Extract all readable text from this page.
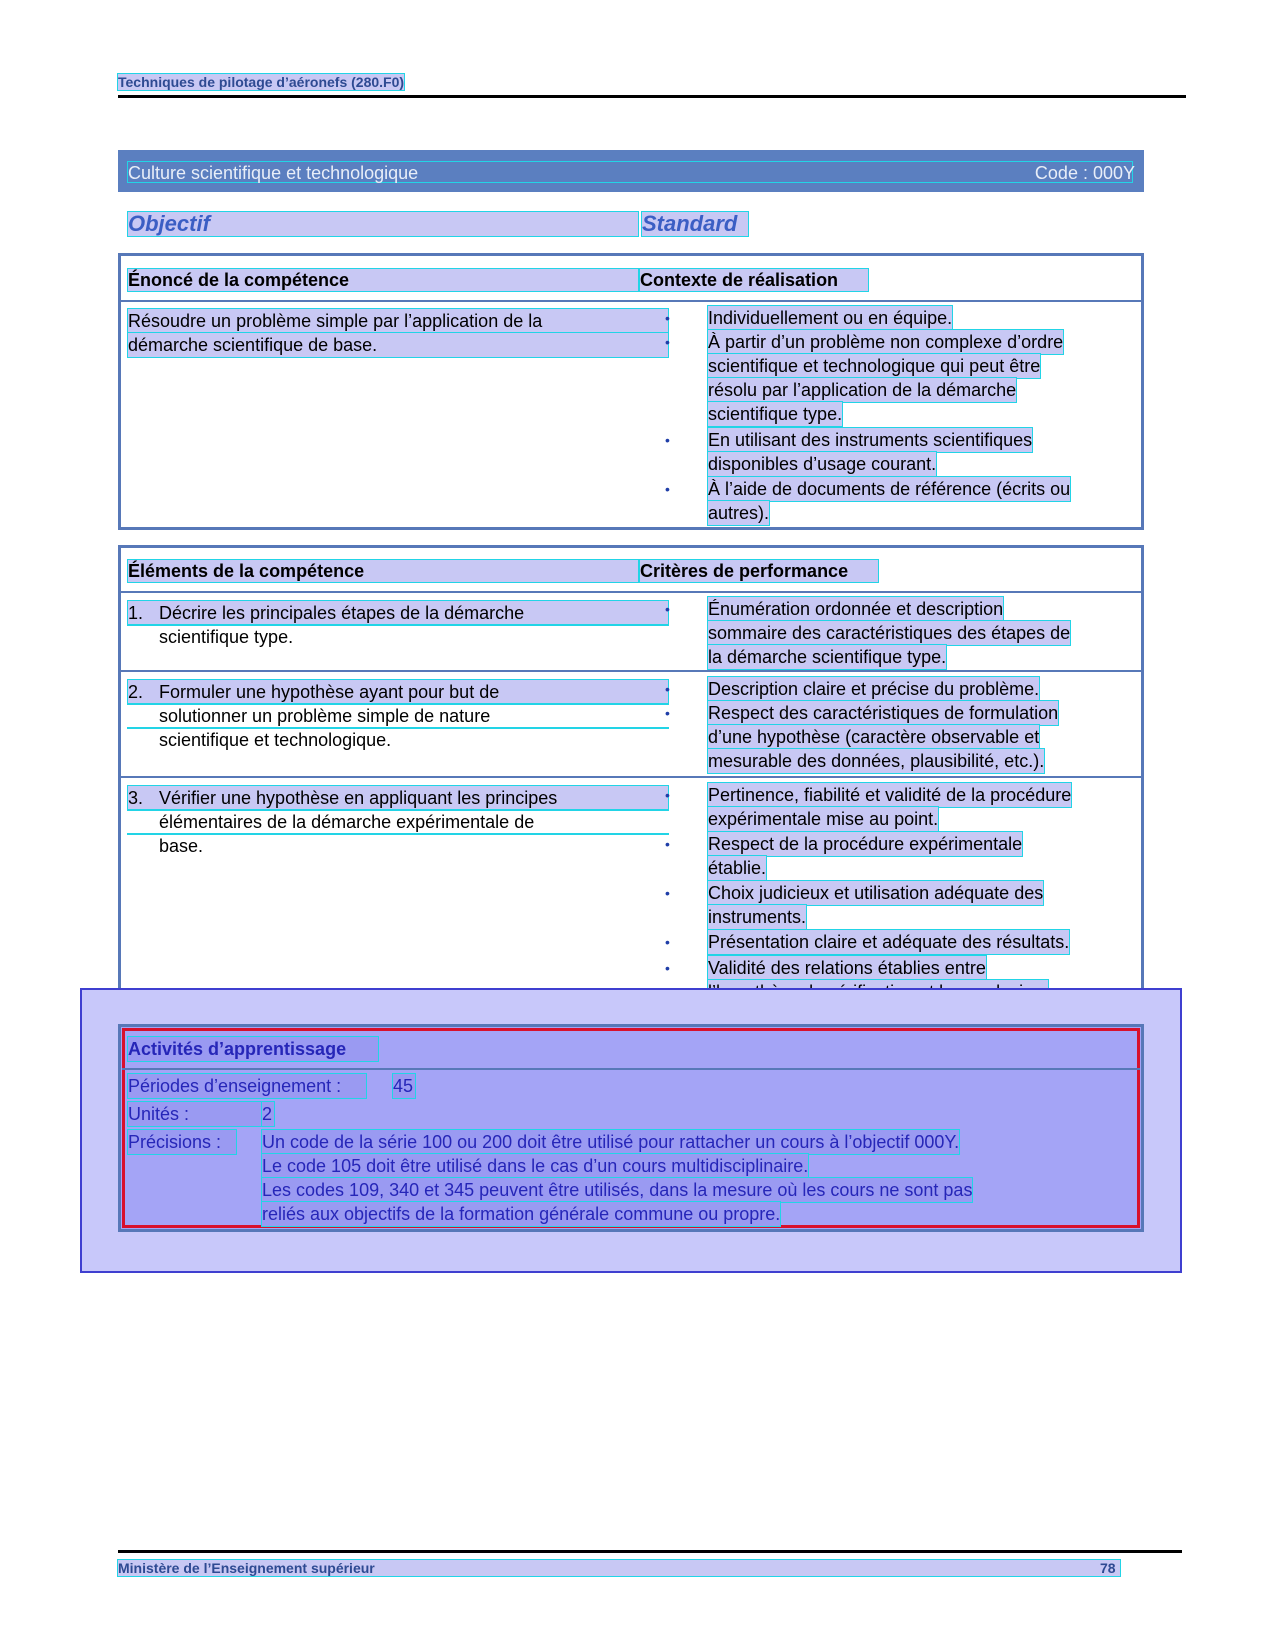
Techniques de pilotage d’aéronefs (280.F0)
Culture scientifique et technologique	Code : 000Y
Objectif	Standard
Énoncé de la compétence	Contexte de réalisation
Résoudre un problème simple par l’application de la
démarche scientifique de base.
• Individuellement ou en équipe.
• À partir d’un problème non complexe d’ordre
scientifique et technologique qui peut être
résolu par l’application de la démarche
scientifique type.
• En utilisant des instruments scientifiques
disponibles d’usage courant.
• À l’aide de documents de référence (écrits ou
autres).
Éléments de la compétence	Critères de performance
1. Décrire les principales étapes de la démarche
scientifique type.
• Énumération ordonnée et description
sommaire des caractéristiques des étapes de
la démarche scientifique type.
2. Formuler une hypothèse ayant pour but de
solutionner un problème simple de nature
scientifique et technologique.
• Description claire et précise du problème.
• Respect des caractéristiques de formulation
d’une hypothèse (caractère observable et
mesurable des données, plausibilité, etc.).
3. Vérifier une hypothèse en appliquant les principes
élémentaires de la démarche expérimentale de
base.
• Pertinence, fiabilité et validité de la procédure
expérimentale mise au point.
• Respect de la procédure expérimentale
établie.
• Choix judicieux et utilisation adéquate des
instruments.
• Présentation claire et adéquate des résultats.
• Validité des relations établies entre
Activités d’apprentissage
Périodes d’enseignement :	45
Unités :	2
Précisions :	Un code de la série 100 ou 200 doit être utilisé pour rattacher un cours à l’objectif 000Y.
Le code 105 doit être utilisé dans le cas d’un cours multidisciplinaire.
Les codes 109, 340 et 345 peuvent être utilisés, dans la mesure où les cours ne sont pas
reliés aux objectifs de la formation générale commune ou propre.
Ministère de l’Enseignement supérieur	78
